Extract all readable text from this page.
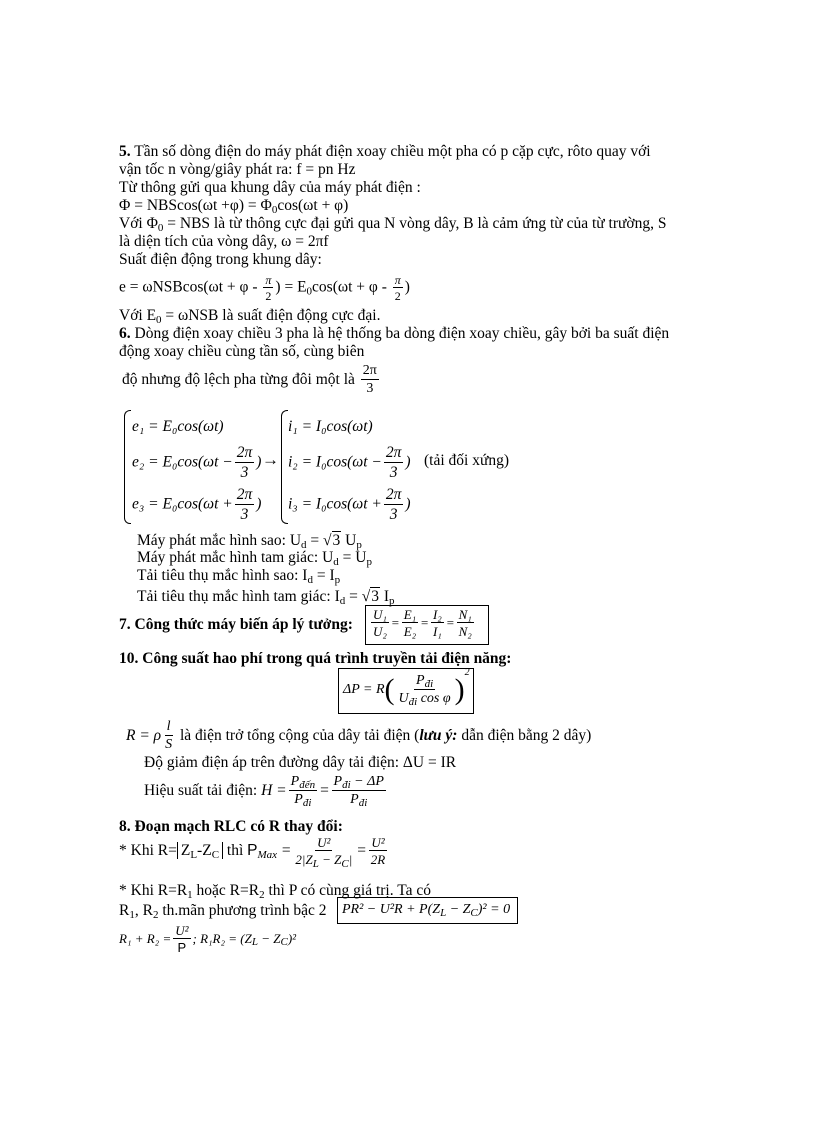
5. Tần số dòng điện do máy phát điện xoay chiều một pha có p cặp cực, rôto quay với
vận tốc n vòng/giây phát ra: f = pn Hz
Từ thông gửi qua khung dây của máy phát điện :
$\Phi = NBScos(\omega t +\varphi) = \Phi_0\cos(\omega t + \varphi)$
Với $\Phi_0$ = NBS là từ thông cực đại gửi qua N vòng dây, B là cảm ứng từ của từ trường, S
là diện tích của vòng dây, ω = 2πf
Suất điện động trong khung dây:
$e = \omega NSBcos(\omega t + \varphi - \frac{\pi}{2}$ ) = $E_0\cos(\omega t + \varphi - \frac{\pi}{2}$ )
Với $E_0 = \omega NSB$ là suất điện động cực đại.
6. Dòng điện xoay chiều 3 pha là hệ thống ba dòng điện xoay chiều, gây bởi ba suất điện
động xoay chiều cùng tần số, cùng biên
độ nhưng độ lệch pha từng đôi một là $\frac{2\pi}{3}$
e₁ = E₀cos(ωt)
$e_2 = E_0\cos(\omega t - \frac{2\pi}{3}$ )
$e_3 = E_0\cos(\omega t + \frac{2\pi}{3}$ )
→
i₁ = I₀cos(ωt)
$i_2 = I_0\cos(\omega t - \frac{2\pi}{3}$ )
$i_3 = I_0\cos(\omega t + \frac{2\pi}{3}$ )
(tải đối xứng)
Máy phát mắc hình sao: $U_d = √3$ $U_p$
Máy phát mắc hình tam giác: $U_d = U_p$
Tải tiêu thụ mắc hình sao: $I_d = I_p$
Tải tiêu thụ mắc hình tam giác: $I_d = √3$ $I_p$
7. Công thức máy biến áp lý tưởng: $\frac{\text{U₁}}{\text{U₂}} = \frac{\text{E₁}}{\text{E₂}} = \frac{\text{I₂}}{\text{I₁}} = \frac{\text{N₁}}{\text{N₂}}$
10. Công suất hao phí trong quá trình truyền tải điện năng:
$\Delta P = R( \frac{P_{đi}}{U_{đi} \cos \varphi} )^2$
R = ρ $\frac{l}{S}$ là điện trở tổng cộng của dây tải điện (lưu ý: dẫn điện bằng 2 dây)
Độ giảm điện áp trên đường dây tải điện: ΔU = IR
Hiệu suất tải điện: $H = \frac{P_{đến}}{P_{đi}} = \frac{P_{đi} - \Delta P}{P_{đi}}$
8. Đoạn mạch RLC có R thay đổi:
* Khi $R= Z_L-Z_C$ thì $P_{Max} = \frac{\text{U²}}{2|Z_L - Z_C|} = \frac{\text{U²}}{2R}$
* Khi $R=R_1$ hoặc $R=R_2$ thì P có cùng giá trị. Ta có
$R_1$, $R_2$ th.mãn phương trình bậc 2 $PR^2 - U^2R + P(Z_L - Z_C)^2 = 0$
$R_1 + R_2 = \frac{\text{U²}}{P}$ ; $R_1R_2 = (Z_L - Z_C)^2$
